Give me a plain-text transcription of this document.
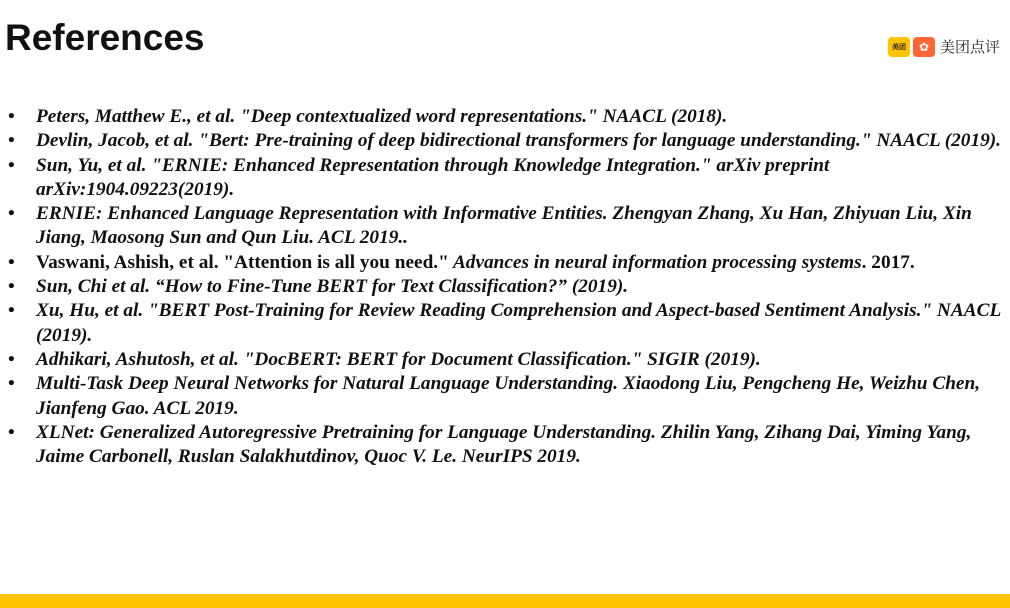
References	美团	✿ 美团点评
• Peters, Matthew E., et al. "Deep contextualized word representations." NAACL (2018).
• Devlin, Jacob, et al. "Bert: Pre-training of deep bidirectional transformers for language understanding." NAACL (2019).
• Sun, Yu, et al. "ERNIE: Enhanced Representation through Knowledge Integration." arXiv preprint arXiv:1904.09223(2019).
• ERNIE: Enhanced Language Representation with Informative Entities. Zhengyan Zhang, Xu Han, Zhiyuan Liu, Xin Jiang, Maosong Sun and Qun Liu. ACL 2019..
• Vaswani, Ashish, et al. "Attention is all you need." Advances in neural information processing systems. 2017.
• Sun, Chi et al. “How to Fine-Tune BERT for Text Classification?” (2019).
• Xu, Hu, et al. "BERT Post-Training for Review Reading Comprehension and Aspect-based Sentiment Analysis." NAACL (2019).
• Adhikari, Ashutosh, et al. "DocBERT: BERT for Document Classification." SIGIR (2019).
• Multi-Task Deep Neural Networks for Natural Language Understanding. Xiaodong Liu, Pengcheng He, Weizhu Chen, Jianfeng Gao. ACL 2019.
• XLNet: Generalized Autoregressive Pretraining for Language Understanding. Zhilin Yang, Zihang Dai, Yiming Yang, Jaime Carbonell, Ruslan Salakhutdinov, Quoc V. Le. NeurIPS 2019.
